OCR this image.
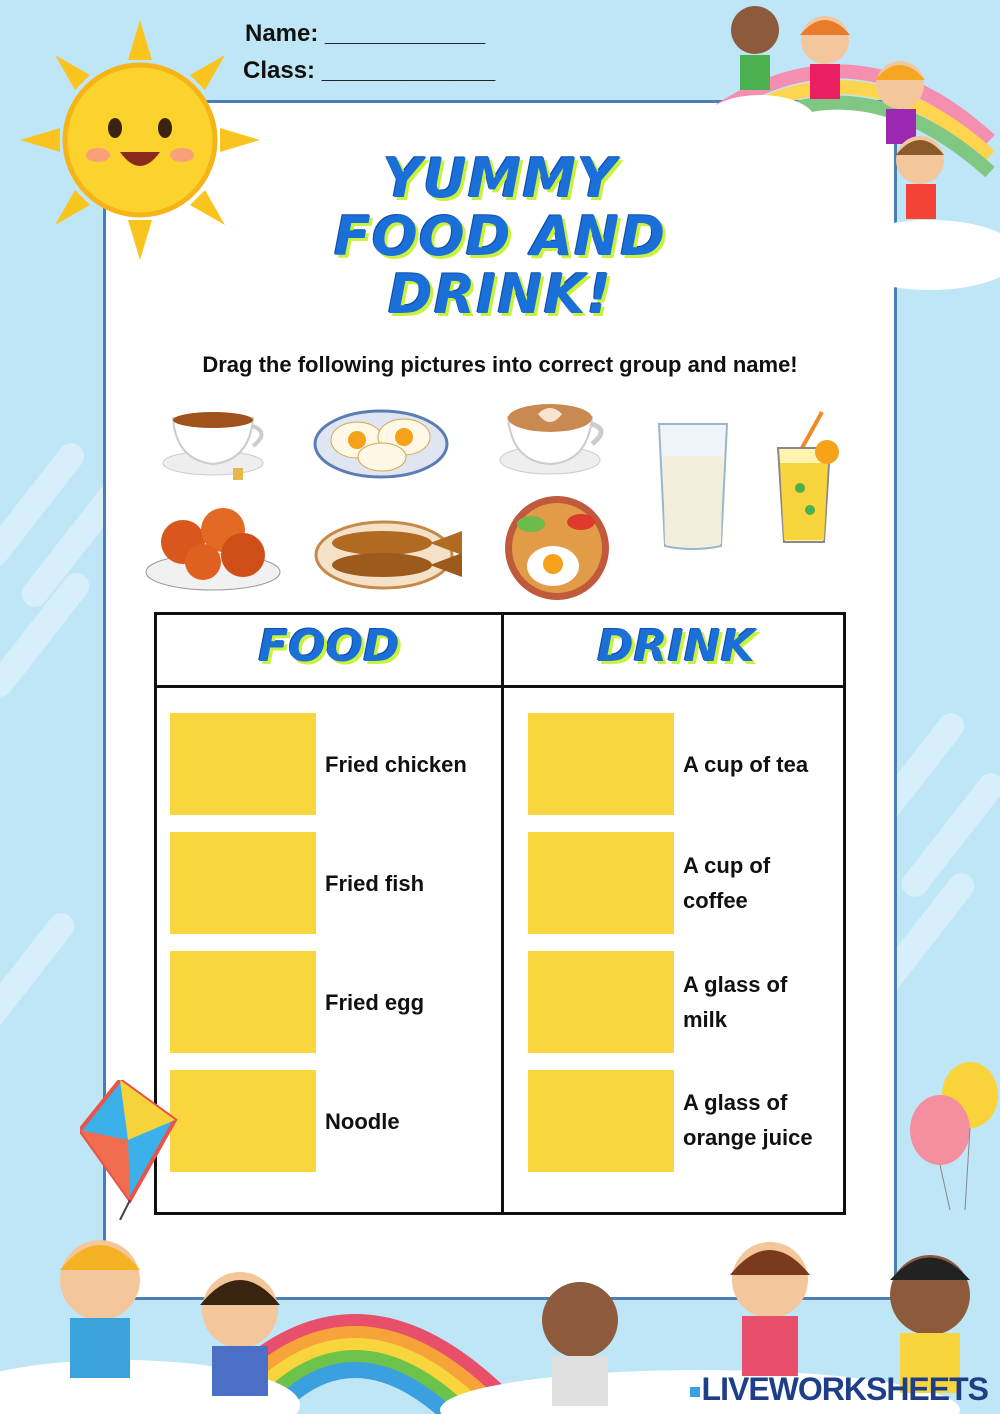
Name: ____________
Class: _____________
YUMMY
FOOD AND
DRINK!
Drag the following pictures into correct group and name!
FOOD	DRINK
Fried chicken
Fried fish
Fried egg
Noodle
A cup of tea
A cup of
coffee
A glass of
milk
A glass of
orange juice
LIVEWORKSHEETS
